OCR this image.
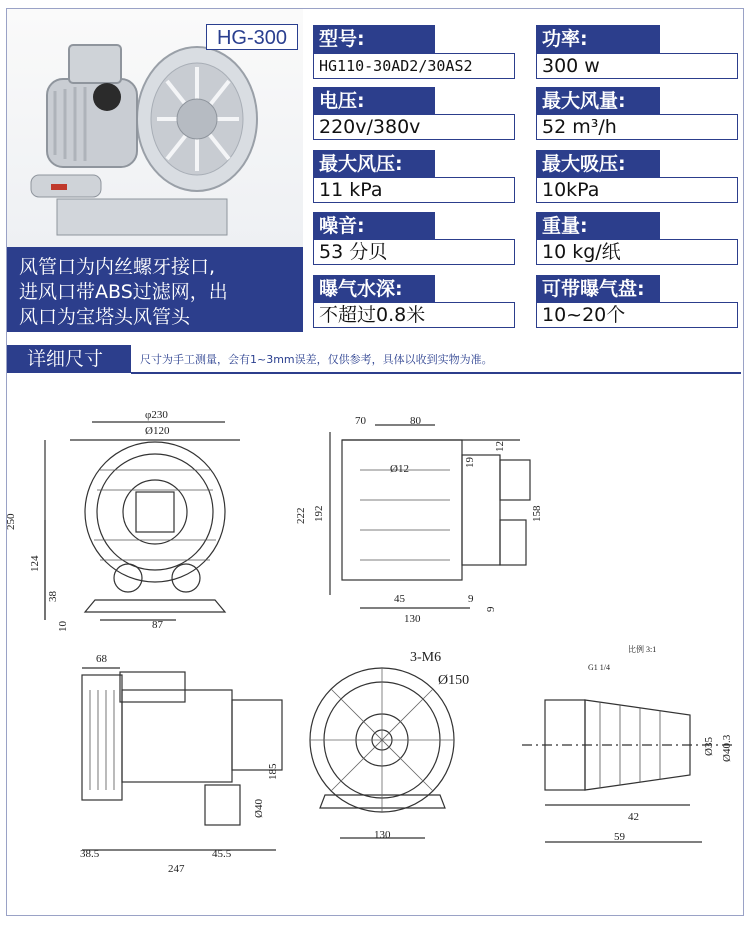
HG-300
风管口为内丝螺牙接口,
进风口带ABS过滤网，出
风口为宝塔头风管头
型号:
HG110-30AD2/30AS2
功率:
300 w
电压:
220v/380v
最大风量:
52 m³/h
最大风压:
11 kPa
最大吸压:
10kPa
噪音:
53 分贝
重量:
10 kg/纸
曝气水深:
不超过0.8米
可带曝气盘:
10~20个
详细尺寸	尺寸为手工测量，会有1~3mm误差，仅供参考，具体以收到实物为准。
φ230
Ø120
250
124
38
10	87
70	80
Ø12
19
12
222 192	158
45	9
9
130
68
185
Ø40
38.5	45.5
247
3-M6
Ø150
130
比例 3:1
G1 1/4
Ø35 Ø40.3
42
59
